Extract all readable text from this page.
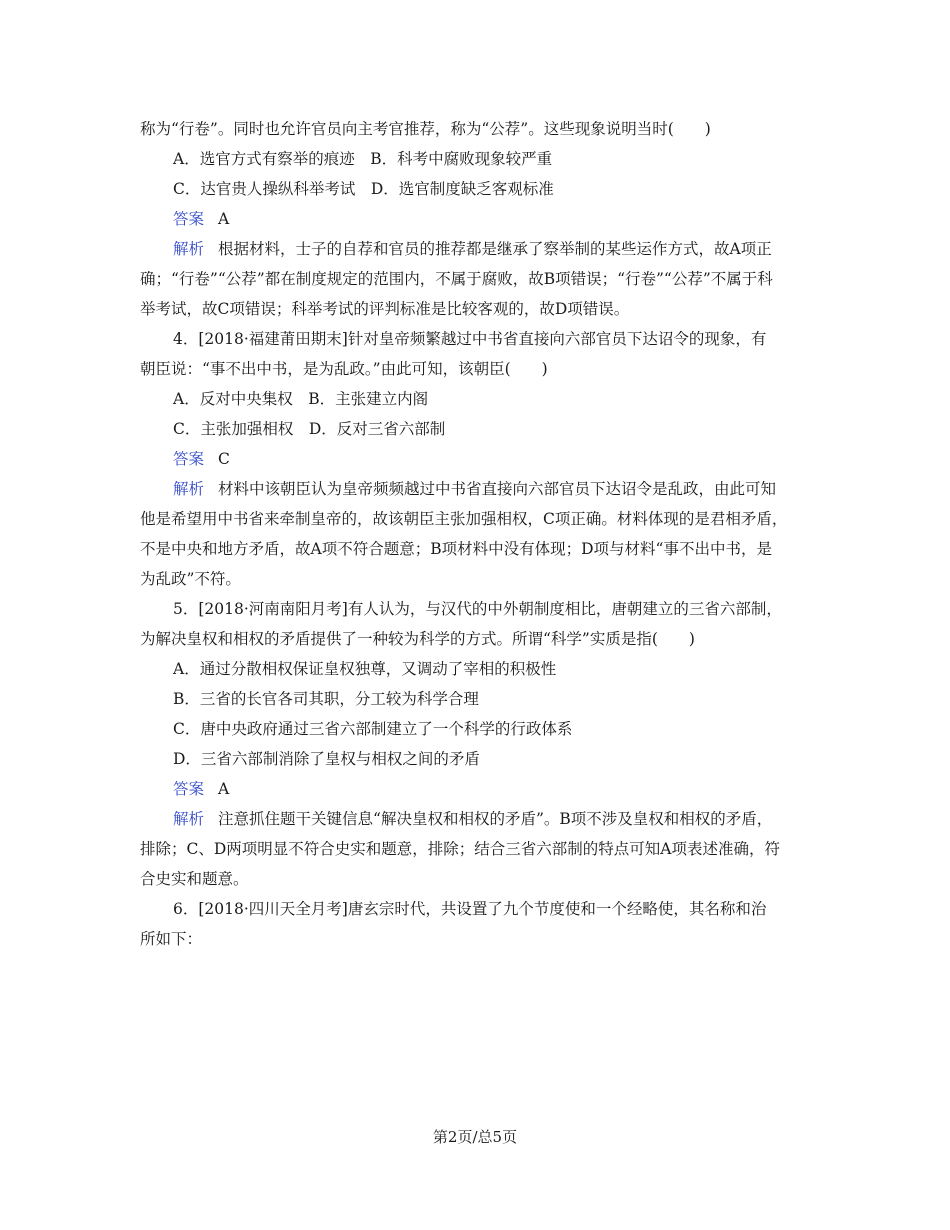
称为“行卷”。同时也允许官员向主考官推荐，称为“公荐”。这些现象说明当时(　　)
A．选官方式有察举的痕迹　B．科考中腐败现象较严重
C．达官贵人操纵科举考试　D．选官制度缺乏客观标准
答案 A
解析 根据材料，士子的自荐和官员的推荐都是继承了察举制的某些运作方式，故A项正
确；“行卷”“公荐”都在制度规定的范围内，不属于腐败，故B项错误；“行卷”“公荐”不属于科
举考试，故C项错误；科举考试的评判标准是比较客观的，故D项错误。
4．[2018·福建莆田期末]针对皇帝频繁越过中书省直接向六部官员下达诏令的现象，有
朝臣说：“事不出中书，是为乱政。”由此可知，该朝臣(　　)
A．反对中央集权　B．主张建立内阁
C．主张加强相权　D．反对三省六部制
答案 C
解析 材料中该朝臣认为皇帝频频越过中书省直接向六部官员下达诏令是乱政，由此可知
他是希望用中书省来牵制皇帝的，故该朝臣主张加强相权，C项正确。材料体现的是君相矛盾，
不是中央和地方矛盾，故A项不符合题意；B项材料中没有体现；D项与材料“事不出中书，是
为乱政”不符。
5．[2018·河南南阳月考]有人认为，与汉代的中外朝制度相比，唐朝建立的三省六部制，
为解决皇权和相权的矛盾提供了一种较为科学的方式。所谓“科学”实质是指(　　)
A．通过分散相权保证皇权独尊，又调动了宰相的积极性
B．三省的长官各司其职，分工较为科学合理
C．唐中央政府通过三省六部制建立了一个科学的行政体系
D．三省六部制消除了皇权与相权之间的矛盾
答案 A
解析 注意抓住题干关键信息“解决皇权和相权的矛盾”。B项不涉及皇权和相权的矛盾，
排除；C、D两项明显不符合史实和题意，排除；结合三省六部制的特点可知A项表述准确，符
合史实和题意。
6．[2018·四川天全月考]唐玄宗时代，共设置了九个节度使和一个经略使，其名称和治
所如下：
第2页/总5页
